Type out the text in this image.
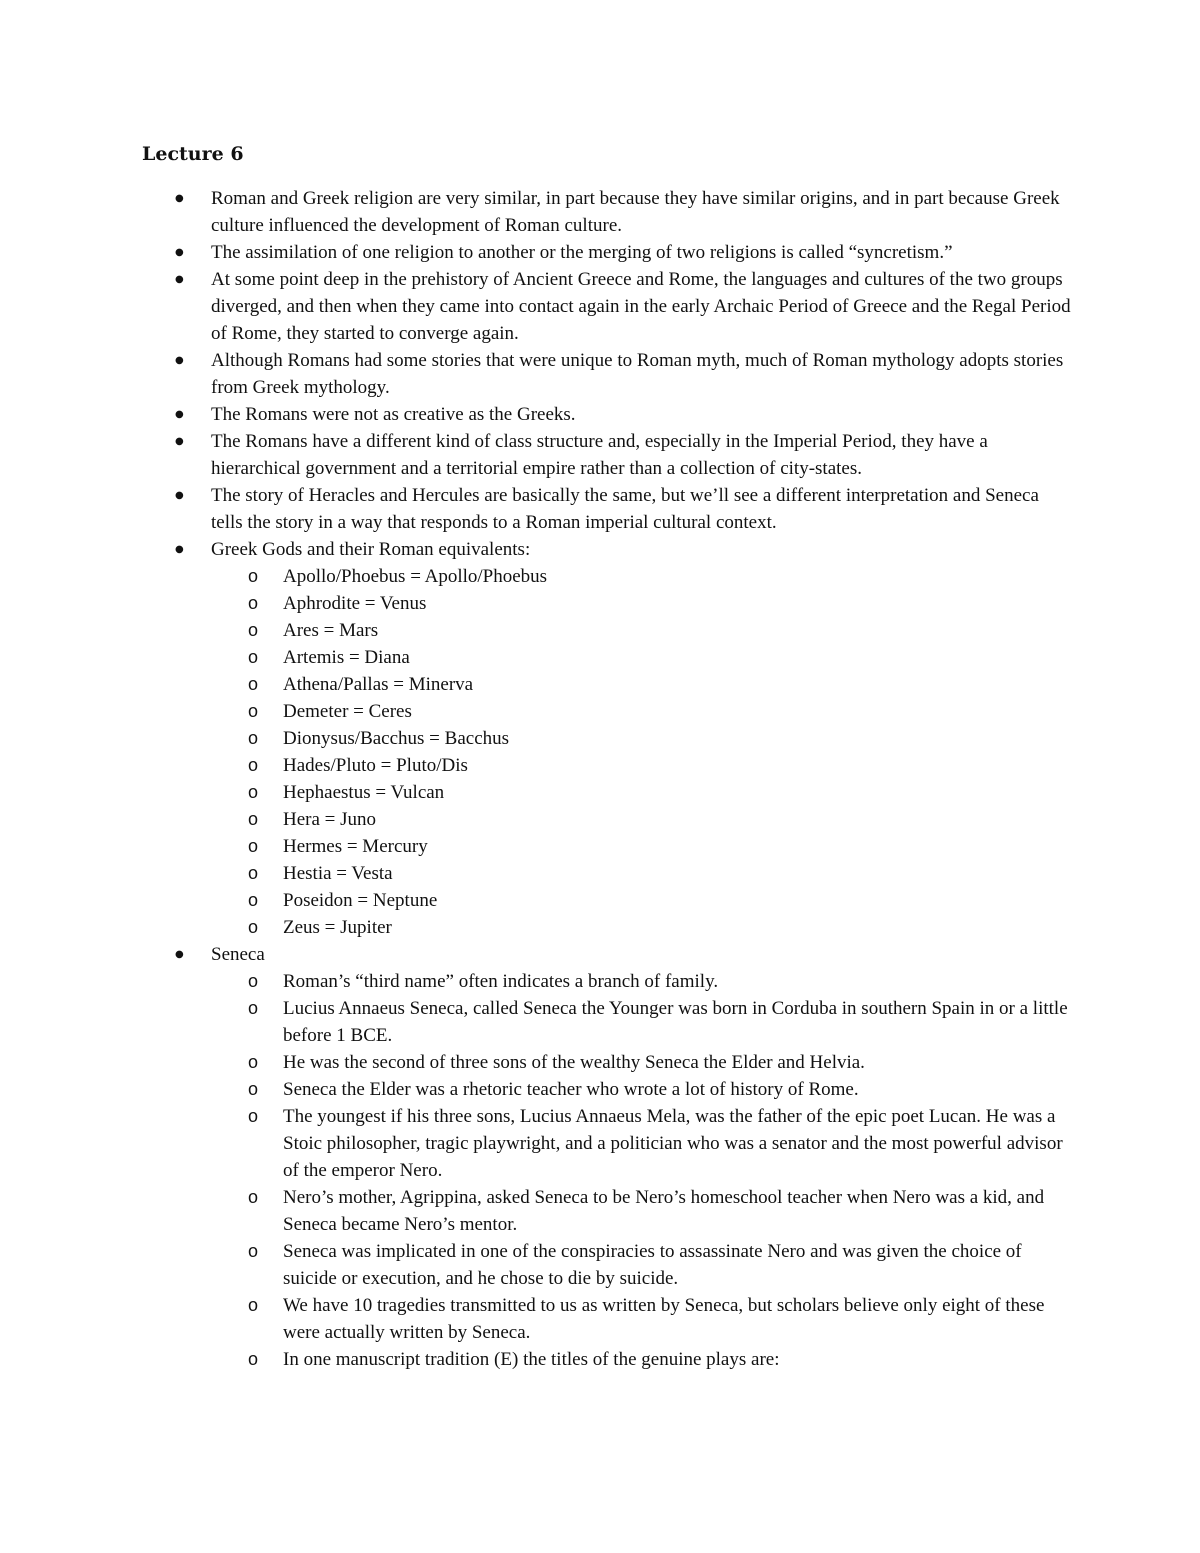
Lecture 6
● Roman and Greek religion are very similar, in part because they have similar origins, and in part because Greek culture influenced the development of Roman culture.
● The assimilation of one religion to another or the merging of two religions is called “syncretism.”
● At some point deep in the prehistory of Ancient Greece and Rome, the languages and cultures of the two groups diverged, and then when they came into contact again in the early Archaic Period of Greece and the Regal Period of Rome, they started to converge again.
● Although Romans had some stories that were unique to Roman myth, much of Roman mythology adopts stories from Greek mythology.
● The Romans were not as creative as the Greeks.
● The Romans have a different kind of class structure and, especially in the Imperial Period, they have a hierarchical government and a territorial empire rather than a collection of city-states.
● The story of Heracles and Hercules are basically the same, but we’ll see a different interpretation and Seneca tells the story in a way that responds to a Roman imperial cultural context.
● Greek Gods and their Roman equivalents:
o Apollo/Phoebus = Apollo/Phoebus
o Aphrodite = Venus
o Ares = Mars
o Artemis = Diana
o Athena/Pallas = Minerva
o Demeter = Ceres
o Dionysus/Bacchus = Bacchus
o Hades/Pluto = Pluto/Dis
o Hephaestus = Vulcan
o Hera = Juno
o Hermes = Mercury
o Hestia = Vesta
o Poseidon = Neptune
o Zeus = Jupiter
● Seneca
o Roman’s “third name” often indicates a branch of family.
o Lucius Annaeus Seneca, called Seneca the Younger was born in Corduba in southern Spain in or a little before 1 BCE.
o He was the second of three sons of the wealthy Seneca the Elder and Helvia.
o Seneca the Elder was a rhetoric teacher who wrote a lot of history of Rome.
o The youngest if his three sons, Lucius Annaeus Mela, was the father of the epic poet Lucan. He was a Stoic philosopher, tragic playwright, and a politician who was a senator and the most powerful advisor of the emperor Nero.
o Nero’s mother, Agrippina, asked Seneca to be Nero’s homeschool teacher when Nero was a kid, and Seneca became Nero’s mentor.
o Seneca was implicated in one of the conspiracies to assassinate Nero and was given the choice of suicide or execution, and he chose to die by suicide.
o We have 10 tragedies transmitted to us as written by Seneca, but scholars believe only eight of these were actually written by Seneca.
o In one manuscript tradition (E) the titles of the genuine plays are:
